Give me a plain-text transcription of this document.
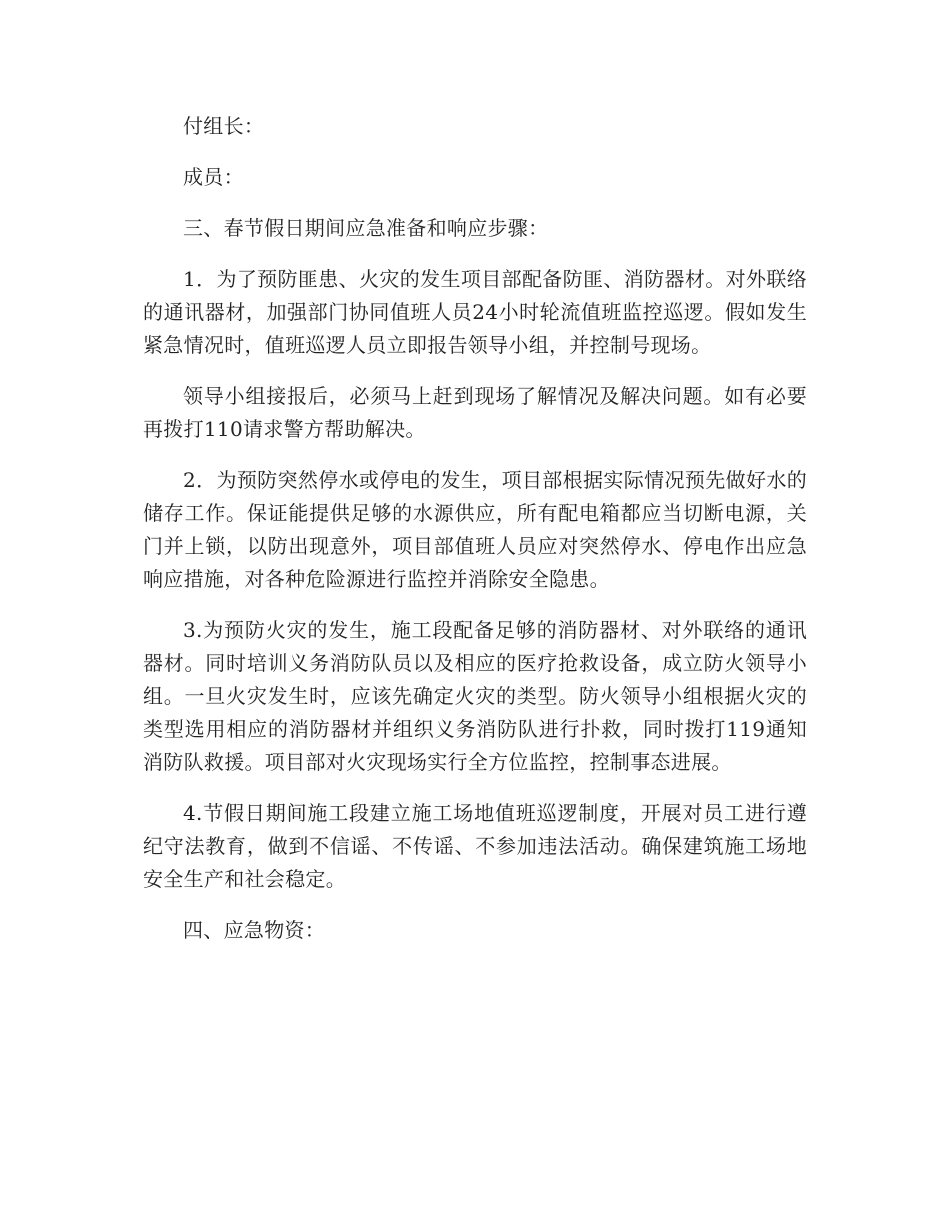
付组长：

成员：

三、春节假日期间应急准备和响应步骤：

1．为了预防匪患、火灾的发生项目部配备防匪、消防器材。对外联络的通讯器材，加强部门协同值班人员24小时轮流值班监控巡逻。假如发生紧急情况时，值班巡逻人员立即报告领导小组，并控制号现场。

领导小组接报后，必须马上赶到现场了解情况及解决问题。如有必要再拨打110请求警方帮助解决。

2．为预防突然停水或停电的发生，项目部根据实际情况预先做好水的储存工作。保证能提供足够的水源供应，所有配电箱都应当切断电源，关门并上锁，以防出现意外，项目部值班人员应对突然停水、停电作出应急响应措施，对各种危险源进行监控并消除安全隐患。

3.为预防火灾的发生，施工段配备足够的消防器材、对外联络的通讯器材。同时培训义务消防队员以及相应的医疗抢救设备，成立防火领导小组。一旦火灾发生时，应该先确定火灾的类型。防火领导小组根据火灾的类型选用相应的消防器材并组织义务消防队进行扑救，同时拨打119通知消防队救援。项目部对火灾现场实行全方位监控，控制事态进展。

4.节假日期间施工段建立施工场地值班巡逻制度，开展对员工进行遵纪守法教育，做到不信谣、不传谣、不参加违法活动。确保建筑施工场地安全生产和社会稳定。

四、应急物资：
